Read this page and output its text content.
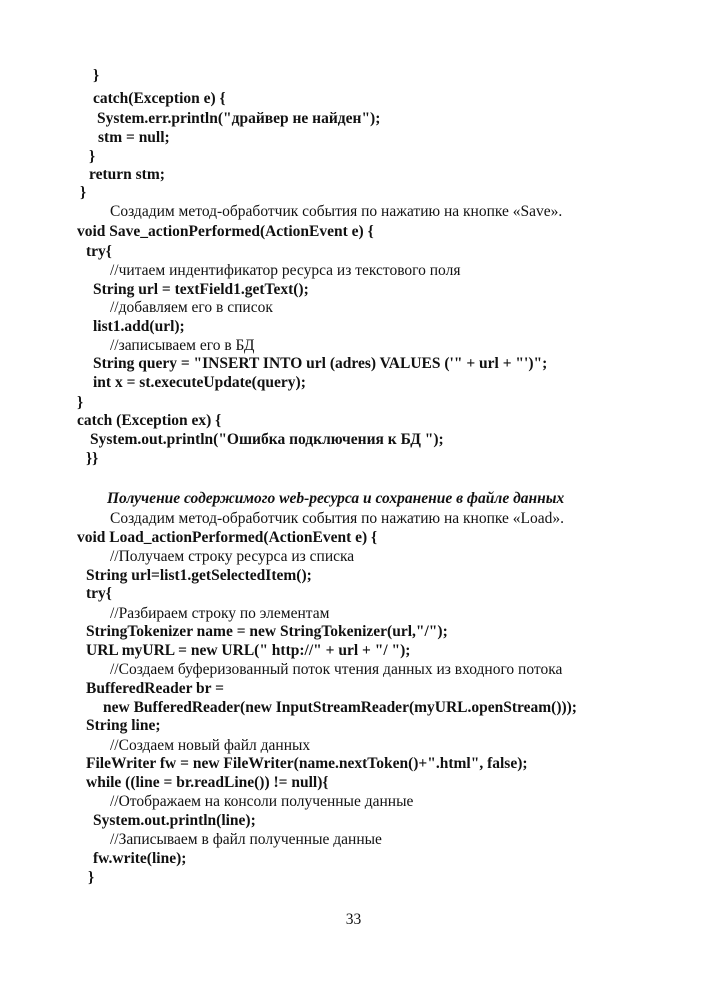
}
catch(Exception e) {
System.err.println("драйвер не найден");
stm = null;
}
return stm;
}
Создадим метод-обработчик события по нажатию на кнопке «Save».
void Save_actionPerformed(ActionEvent e) {
try{
//читаем индентификатор ресурса из текстового поля
String url = textField1.getText();
//добавляем его в список
list1.add(url);
//записываем его в БД
String query = "INSERT INTO url (adres) VALUES ('" + url + "')";
int x = st.executeUpdate(query);
}
catch (Exception ex) {
System.out.println("Ошибка подключения к БД ");
}}
Получение содержимого web-ресурса и сохранение в файле данных
Создадим метод-обработчик события по нажатию на кнопке «Load».
void Load_actionPerformed(ActionEvent e) {
//Получаем строку ресурса из списка
String url=list1.getSelectedItem();
try{
//Разбираем строку по элементам
StringTokenizer name = new StringTokenizer(url,"/");
URL myURL = new URL(" http://" + url + "/ ");
//Создаем буферизованный поток чтения данных из входного потока
BufferedReader br =
new BufferedReader(new InputStreamReader(myURL.openStream()));
String line;
//Создаем новый файл данных
FileWriter fw = new FileWriter(name.nextToken()+".html", false);
while ((line = br.readLine()) != null){
//Отображаем на консоли полученные данные
System.out.println(line);
//Записываем в файл полученные данные
fw.write(line);
}
33
